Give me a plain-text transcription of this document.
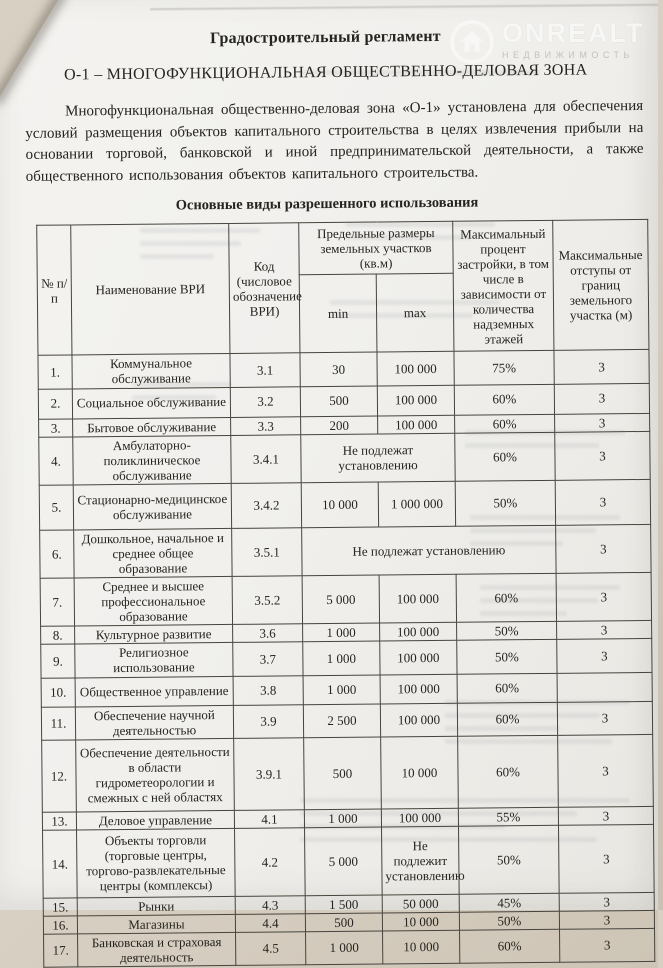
ONREALT
НЕДВИЖИМОСТЬ
Градостроительный регламент
О-1 – МНОГОФУНКЦИОНАЛЬНАЯ ОБЩЕСТВЕННО-ДЕЛОВАЯ ЗОНА

Многофункциональная общественно-деловая зона «О-1» установлена для обеспечения условий размещения объектов капитального строительства в целях извлечения прибыли на основании торговой, банковской и иной предпринимательской деятельности, а также общественного использования объектов капитального строительства.

Основные виды разрешенного использования
№ п/п	Наименование ВРИ	Код (числовое обозначение ВРИ)	Предельные размеры земельных участков (кв.м)		Максимальный процент застройки, в том числе в зависимости от количества надземных этажей	Максимальные отступы от границ земельного участка (м)
			min	max		
1.	Коммунальное обслуживание	3.1	30	100 000	75%	3
2.	Социальное обслуживание	3.2	500	100 000	60%	3
3.	Бытовое обслуживание	3.3	200	100 000	60%	3
4.	Амбулаторно-поликлиническое обслуживание	3.4.1	Не подлежат установлению		60%	3
5.	Стационарно-медицинское обслуживание	3.4.2	10 000	1 000 000	50%	3
6.	Дошкольное, начальное и среднее общее образование	3.5.1	Не подлежат установлению			3
7.	Среднее и высшее профессиональное образование	3.5.2	5 000	100 000	60%	3
8.	Культурное развитие	3.6	1 000	100 000	50%	3
9.	Религиозное использование	3.7	1 000	100 000	50%	3
10.	Общественное управление	3.8	1 000	100 000	60%	
11.	Обеспечение научной деятельностью	3.9	2 500	100 000	60%	3
12.	Обеспечение деятельности в области гидрометеорологии и смежных с ней областях	3.9.1	500	10 000	60%	3
13.	Деловое управление	4.1	1 000	100 000	55%	3
14.	Объекты торговли (торговые центры, торгово-развлекательные центры (комплексы)	4.2	5 000	Не подлежит установлению	50%	3
15.	Рынки	4.3	1 500	50 000	45%	3
16.	Магазины	4.4	500	10 000	50%	3
17.	Банковская и страховая деятельность	4.5	1 000	10 000	60%	3
